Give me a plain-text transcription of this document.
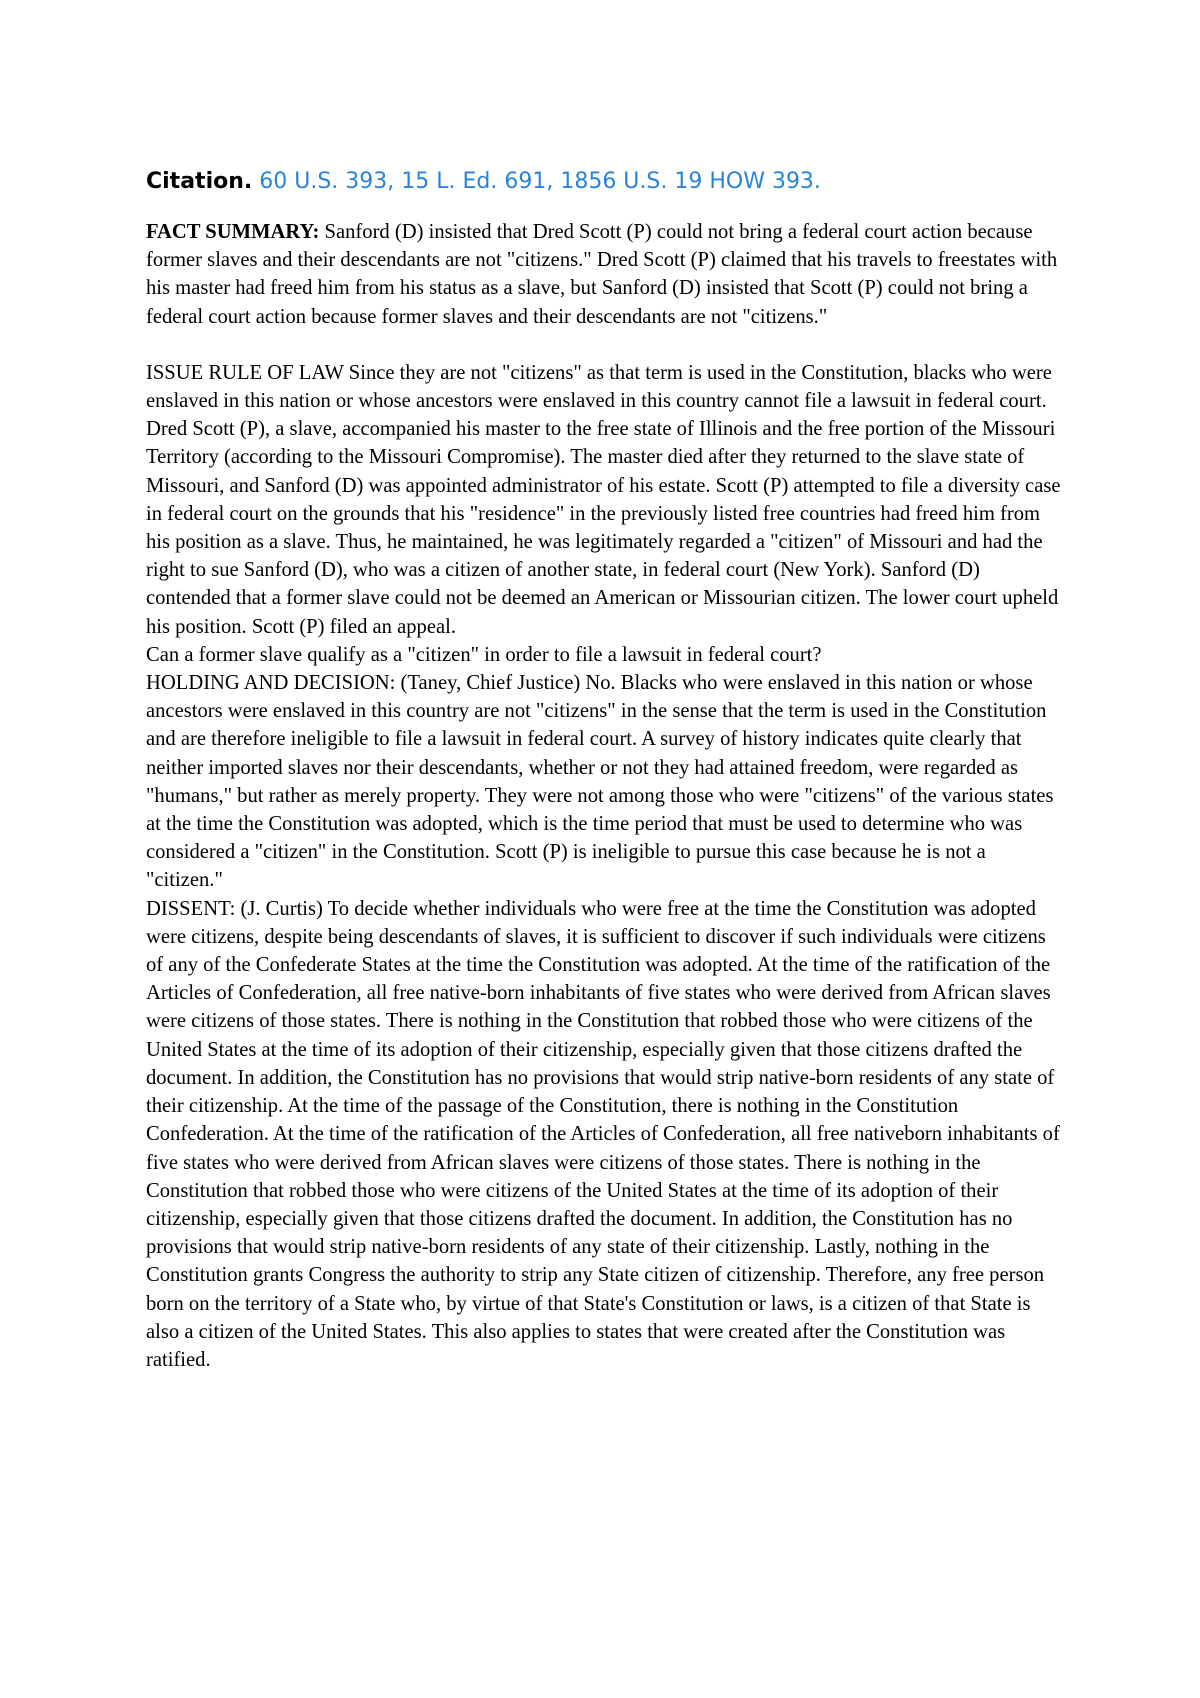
Citation. 60 U.S. 393, 15 L. Ed. 691, 1856 U.S. 19 HOW 393.

FACT SUMMARY: Sanford (D) insisted that Dred Scott (P) could not bring a federal court action because former slaves and their descendants are not "citizens." Dred Scott (P) claimed that his travels to freestates with his master had freed him from his status as a slave, but Sanford (D) insisted that Scott (P) could not bring a federal court action because former slaves and their descendants are not "citizens."

ISSUE RULE OF LAW Since they are not "citizens" as that term is used in the Constitution, blacks who were enslaved in this nation or whose ancestors were enslaved in this country cannot file a lawsuit in federal court.

Dred Scott (P), a slave, accompanied his master to the free state of Illinois and the free portion of the Missouri Territory (according to the Missouri Compromise). The master died after they returned to the slave state of Missouri, and Sanford (D) was appointed administrator of his estate. Scott (P) attempted to file a diversity case in federal court on the grounds that his "residence" in the previously listed free countries had freed him from his position as a slave. Thus, he maintained, he was legitimately regarded a "citizen" of Missouri and had the right to sue Sanford (D), who was a citizen of another state, in federal court (New York). Sanford (D) contended that a former slave could not be deemed an American or Missourian citizen. The lower court upheld his position. Scott (P) filed an appeal.

Can a former slave qualify as a "citizen" in order to file a lawsuit in federal court?

HOLDING AND DECISION: (Taney, Chief Justice) No. Blacks who were enslaved in this nation or whose ancestors were enslaved in this country are not "citizens" in the sense that the term is used in the Constitution and are therefore ineligible to file a lawsuit in federal court. A survey of history indicates quite clearly that neither imported slaves nor their descendants, whether or not they had attained freedom, were regarded as "humans," but rather as merely property. They were not among those who were "citizens" of the various states at the time the Constitution was adopted, which is the time period that must be used to determine who was considered a "citizen" in the Constitution. Scott (P) is ineligible to pursue this case because he is not a "citizen."

DISSENT: (J. Curtis) To decide whether individuals who were free at the time the Constitution was adopted were citizens, despite being descendants of slaves, it is sufficient to discover if such individuals were citizens of any of the Confederate States at the time the Constitution was adopted. At the time of the ratification of the Articles of Confederation, all free native-born inhabitants of five states who were derived from African slaves were citizens of those states. There is nothing in the Constitution that robbed those who were citizens of the United States at the time of its adoption of their citizenship, especially given that those citizens drafted the document. In addition, the Constitution has no provisions that would strip native-born residents of any state of their citizenship. At the time of the passage of the Constitution, there is nothing in the Constitution Confederation. At the time of the ratification of the Articles of Confederation, all free nativeborn inhabitants of five states who were derived from African slaves were citizens of those states. There is nothing in the Constitution that robbed those who were citizens of the United States at the time of its adoption of their citizenship, especially given that those citizens drafted the document. In addition, the Constitution has no provisions that would strip native-born residents of any state of their citizenship. Lastly, nothing in the Constitution grants Congress the authority to strip any State citizen of citizenship. Therefore, any free person born on the territory of a State who, by virtue of that State's Constitution or laws, is a citizen of that State is also a citizen of the United States. This also applies to states that were created after the Constitution was ratified.
